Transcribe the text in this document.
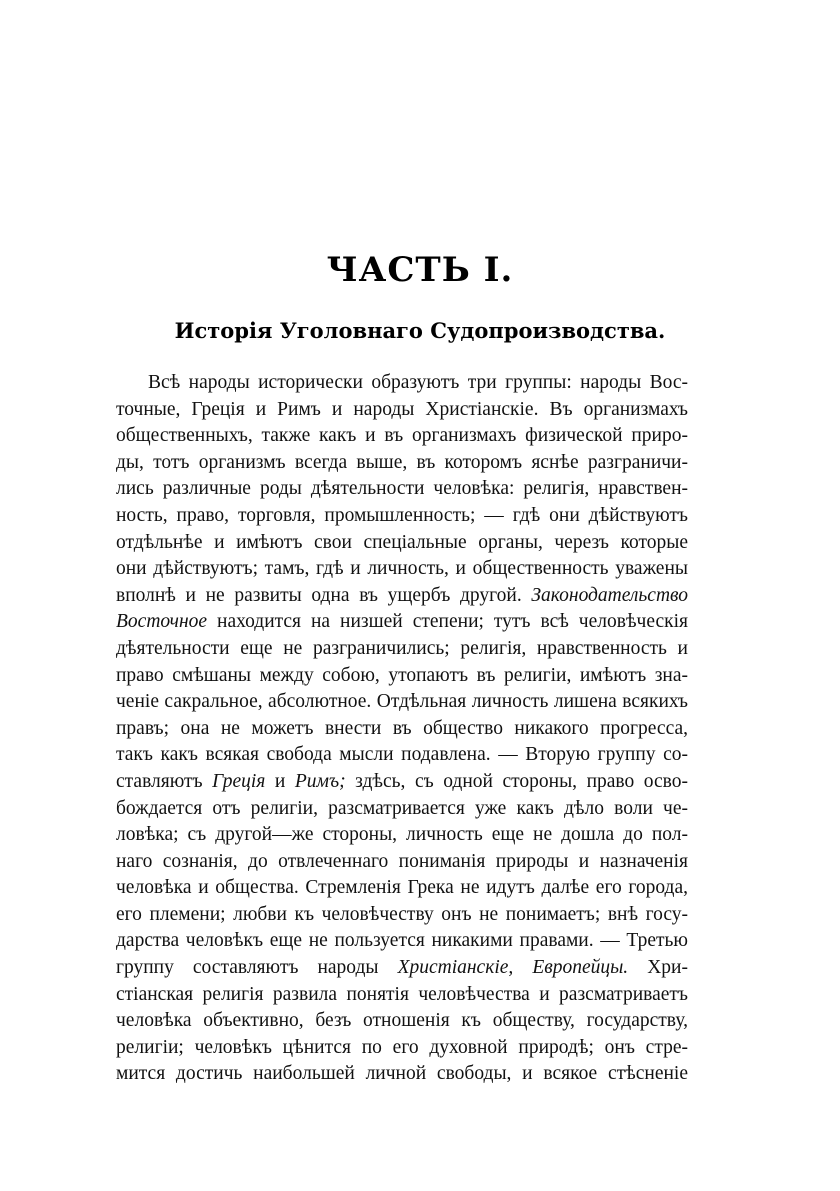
ЧАСТЬ I.
Исторія Уголовнаго Судопроизводства.
Всѣ народы исторически образуютъ три группы: народы Вос-
точные, Греція и Римъ и народы Христіанскіе. Въ организмахъ
общественныхъ, также какъ и въ организмахъ физической приро-
ды, тотъ организмъ всегда выше, въ которомъ яснѣе разграничи-
лись различные роды дѣятельности человѣка: религія, нравствен-
ность, право, торговля, промышленность; — гдѣ они дѣйствуютъ
отдѣльнѣе и имѣютъ свои спеціальные органы, черезъ которые
они дѣйствуютъ; тамъ, гдѣ и личность, и общественность уважены
вполнѣ и не развиты одна въ ущербъ другой. Законодательство
Восточное находится на низшей степени; тутъ всѣ человѣческія
дѣятельности еще не разграничились; религія, нравственность и
право смѣшаны между собою, утопаютъ въ религіи, имѣютъ зна-
ченіе сакральное, абсолютное. Отдѣльная личность лишена всякихъ
правъ; она не можетъ внести въ общество никакого прогресса,
такъ какъ всякая свобода мысли подавлена. — Вторую группу со-
ставляютъ Греція и Римъ; здѣсь, съ одной стороны, право осво-
бождается отъ религіи, разсматривается уже какъ дѣло воли че-
ловѣка; съ другой—же стороны, личность еще не дошла до пол-
наго сознанія, до отвлеченнаго пониманія природы и назначенія
человѣка и общества. Стремленія Грека не идутъ далѣе его города,
его племени; любви къ человѣчеству онъ не понимаетъ; внѣ госу-
дарства человѣкъ еще не пользуется никакими правами. — Третью
группу составляютъ народы Христіанскіе, Европейцы. Хри-
стіанская религія развила понятія человѣчества и разсматриваетъ
человѣка объективно, безъ отношенія къ обществу, государству,
религіи; человѣкъ цѣнится по его духовной природѣ; онъ стре-
мится достичь наибольшей личной свободы, и всякое стѣсненіе
